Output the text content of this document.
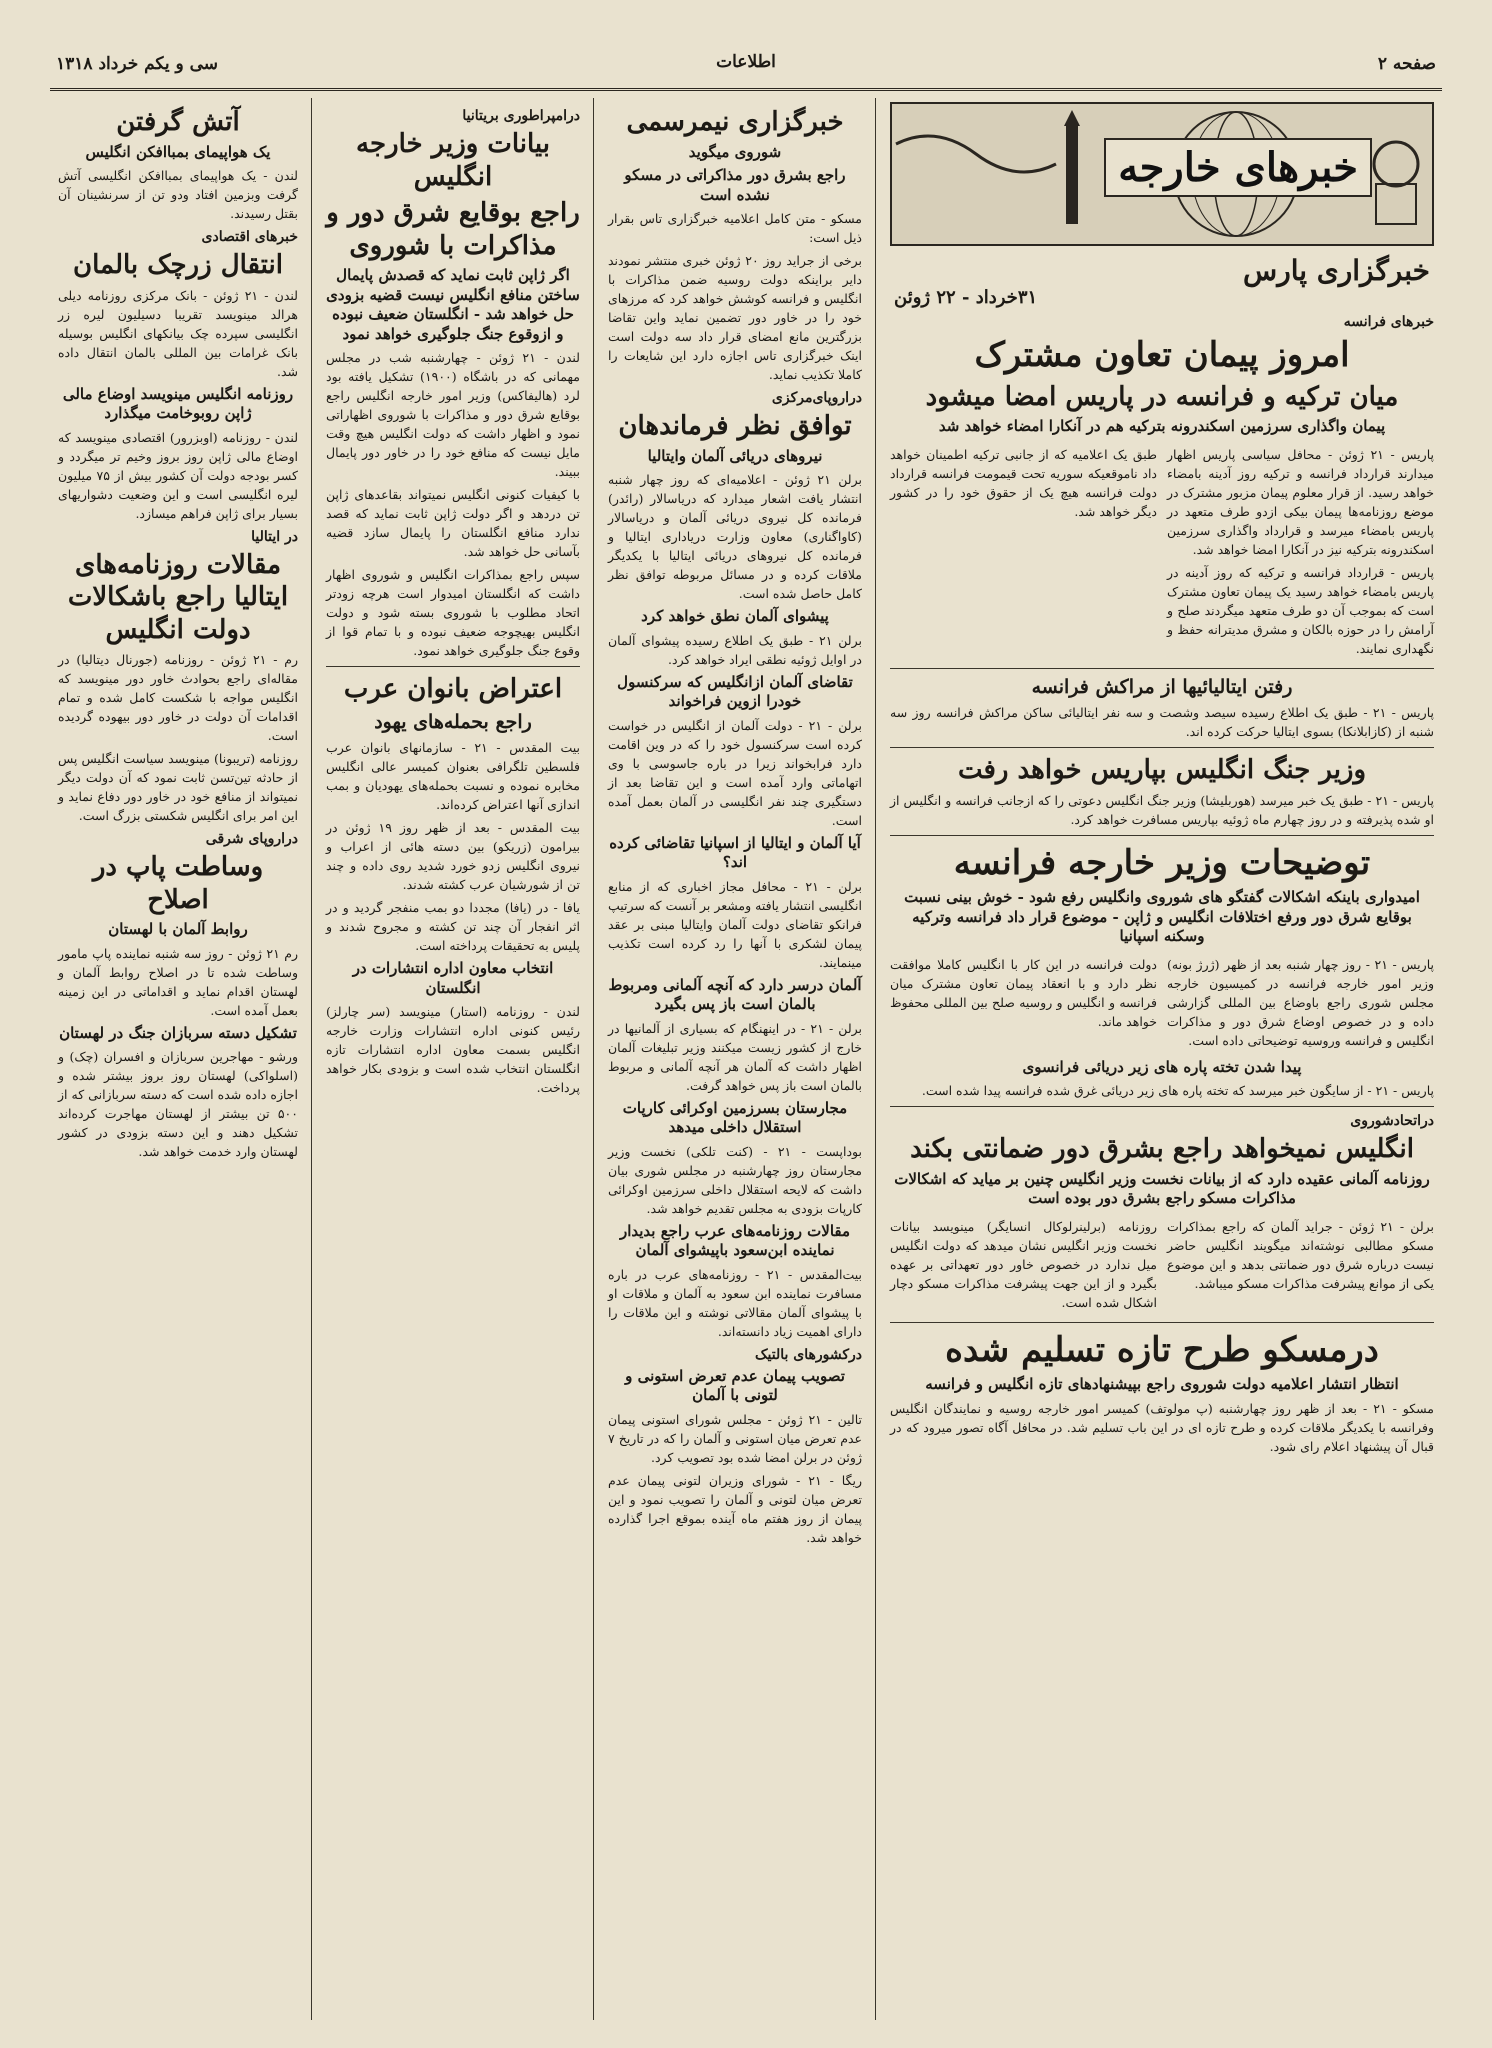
صفحه ۲
اطلاعات
سی و یکم خرداد ۱۳۱۸
خبرهای خارجه
خبرگزاری پارس
۳۱خرداد - ۲۲ ژوئن
خبرهای فرانسه
امروز پیمان تعاون مشترک
میان ترکیه و فرانسه در پاریس امضا میشود
پیمان واگذاری سرزمین اسکندرونه بترکیه هم در آنکارا امضاء خواهد شد

پاریس - ۲۱ ژوئن - محافل سیاسی پاریس اظهار میدارند قرارداد فرانسه و ترکیه روز آدینه بامضاء خواهد رسید. از قرار معلوم پیمان مزبور مشترک در موضع روزنامه‌ها پیمان بیکی ازدو طرف متعهد در پاریس بامضاء میرسد و قرارداد واگذاری سرزمین اسکندرونه بترکیه نیز در آنکارا امضا خواهد شد.

پاریس - قرارداد فرانسه و ترکیه که روز آدینه در پاریس بامضاء خواهد رسید یک پیمان تعاون مشترک است که بموجب آن دو طرف متعهد میگردند صلح و آرامش را در حوزه بالکان و مشرق مدیترانه حفظ و نگهداری نمایند.

طبق یک اعلامیه که از جانبی ترکیه اطمینان خواهد داد ناموقعیکه سوریه تحت قیمومت فرانسه قرارداد دولت فرانسه هیچ یک از حقوق خود را در کشور دیگر خواهد شد.

رفتن ایتالیائیها از مراکش فرانسه

پاریس - ۲۱ - طبق یک اطلاع رسیده سیصد وشصت و سه نفر ایتالیائی ساکن مراکش فرانسه روز سه شنبه از (کازابلانکا) بسوی ایتالیا حرکت کرده اند.

وزیر جنگ انگلیس بپاریس خواهد رفت

پاریس - ۲۱ - طبق یک خبر میرسد (هوربلیشا) وزیر جنگ انگلیس دعوتی را که ازجانب فرانسه و انگلیس از او شده پذیرفته و در روز چهارم ماه ژوئیه بپاریس مسافرت خواهد کرد.

توضیحات وزیر خارجه فرانسه
امیدواری باینکه اشکالات گفتگو های شوروی وانگلیس رفع شود - خوش بینی نسبت بوقایع شرق دور ورفع اختلافات انگلیس و ژاپن - موضوع قرار داد فرانسه وترکیه وسکنه اسپانیا

پاریس - ۲۱ - روز چهار شنبه بعد از ظهر (ژرژ بونه) وزیر امور خارجه فرانسه در کمیسیون خارجه مجلس شوری راجع باوضاع بین المللی گزارشی داده و در خصوص اوضاع شرق دور و مذاکرات انگلیس و فرانسه وروسیه توضیحاتی داده است.

دولت فرانسه در این کار با انگلیس کاملا موافقت نظر دارد و با انعقاد پیمان تعاون مشترک میان فرانسه و انگلیس و روسیه صلح بین المللی محفوظ خواهد ماند.

پیدا شدن تخته پاره های زیر دریائی فرانسوی

پاریس - ۲۱ - از سایگون خبر میرسد که تخته پاره های زیر دریائی غرق شده فرانسه پیدا شده است.

دراتحادشوروی
انگلیس نمیخواهد راجع بشرق دور ضمانتی بکند
روزنامه آلمانی عقیده دارد که از بیانات نخست وزیر انگلیس چنین بر میاید که اشکالات مذاکرات مسکو راجع بشرق دور بوده است

برلن - ۲۱ ژوئن - جراید آلمان که راجع بمذاکرات مسکو مطالبی نوشته‌اند میگویند انگلیس حاضر نیست درباره شرق دور ضمانتی بدهد و این موضوع یکی از موانع پیشرفت مذاکرات مسکو میباشد.

روزنامه (برلینرلوکال انسایگر) مینویسد بیانات نخست وزیر انگلیس نشان میدهد که دولت انگلیس میل ندارد در خصوص خاور دور تعهداتی بر عهده بگیرد و از این جهت پیشرفت مذاکرات مسکو دچار اشکال شده است.

درمسکو طرح تازه تسلیم شده
انتظار انتشار اعلامیه دولت شوروی راجع بپیشنهادهای تازه انگلیس و فرانسه

مسکو - ۲۱ - بعد از ظهر روز چهارشنبه (پ مولوتف) کمیسر امور خارجه روسیه و نمایندگان انگلیس وفرانسه با یکدیگر ملاقات کرده و طرح تازه ای در این باب تسلیم شد. در محافل آگاه تصور میرود که در قبال آن پیشنهاد اعلام رای شود.

خبرگزاری نیمرسمی
شوروی میگوید
راجع بشرق دور مذاکراتی در مسکو نشده است

مسکو - متن کامل اعلامیه خبرگزاری تاس بقرار ذیل است:

برخی از جراید روز ۲۰ ژوئن خبری منتشر نمودند دایر براینکه دولت روسیه ضمن مذاکرات با انگلیس و فرانسه کوشش خواهد کرد که مرزهای خود را در خاور دور تضمین نماید واین تقاضا بزرگترین مانع امضای قرار داد سه دولت است اینک خبرگزاری تاس اجازه دارد این شایعات را کاملا تکذیب نماید.

دراروپای‌مرکزی
توافق نظر فرماندهان
نیروهای دریائی آلمان وایتالیا

برلن ۲۱ ژوئن - اعلامیه‌ای که روز چهار شنبه انتشار یافت اشعار میدارد که دریاسالار (رائدر) فرمانده کل نیروی دریائی آلمان و دریاسالار (کاواگناری) معاون وزارت دریاداری ایتالیا و فرمانده کل نیروهای دریائی ایتالیا با یکدیگر ملاقات کرده و در مسائل مربوطه توافق نظر کامل حاصل شده است.

پیشوای آلمان نطق خواهد کرد

برلن ۲۱ - طبق یک اطلاع رسیده پیشوای آلمان در اوایل ژوئیه نطقی ایراد خواهد کرد.

تقاضای آلمان ازانگلیس که سرکنسول خودرا ازوین فراخواند

برلن - ۲۱ - دولت آلمان از انگلیس در خواست کرده است سرکنسول خود را که در وین اقامت دارد فرابخواند زیرا در باره جاسوسی با وی اتهاماتی وارد آمده است و این تقاضا بعد از دستگیری چند نفر انگلیسی در آلمان بعمل آمده است.

آیا آلمان و ایتالیا از اسپانیا تقاضائی کرده اند؟

برلن - ۲۱ - محافل مجاز اخباری که از منابع انگلیسی انتشار یافته ومشعر بر آنست که سرتیپ فرانکو تقاضای دولت آلمان وایتالیا مبنی بر عقد پیمان لشکری با آنها را رد کرده است تکذیب مینمایند.

آلمان درسر دارد که آنچه آلمانی ومربوط بالمان است باز پس بگیرد

برلن - ۲۱ - در اینهنگام که بسیاری از آلمانیها در خارج از کشور زیست میکنند وزیر تبلیغات آلمان اظهار داشت که آلمان هر آنچه آلمانی و مربوط بالمان است باز پس خواهد گرفت.

مجارستان بسرزمین اوکرائی کارپات استقلال داخلی میدهد

بوداپست - ۲۱ - (کنت تلکی) نخست وزیر مجارستان روز چهارشنبه در مجلس شوری بیان داشت که لایحه استقلال داخلی سرزمین اوکرائی کارپات بزودی به مجلس تقدیم خواهد شد.

مقالات روزنامه‌های عرب راجع بدیدار نماینده ابن‌سعود باپیشوای آلمان

بیت‌المقدس - ۲۱ - روزنامه‌های عرب در باره مسافرت نماینده ابن سعود به آلمان و ملاقات او با پیشوای آلمان مقالاتی نوشته و این ملاقات را دارای اهمیت زیاد دانسته‌اند.

درکشورهای بالتیک
تصویب پیمان عدم تعرض استونی و لتونی با آلمان

تالین - ۲۱ ژوئن - مجلس شورای استونی پیمان عدم تعرض میان استونی و آلمان را که در تاریخ ۷ ژوئن در برلن امضا شده بود تصویب کرد.

ریگا - ۲۱ - شورای وزیران لتونی پیمان عدم تعرض میان لتونی و آلمان را تصویب نمود و این پیمان از روز هفتم ماه آینده بموقع اجرا گذارده خواهد شد.

درامپراطوری بریتانیا
بیانات وزیر خارجه انگلیس
راجع بوقایع شرق دور و مذاکرات با شوروی
اگر ژاپن ثابت نماید که قصدش پایمال ساختن منافع انگلیس نیست قضیه بزودی حل خواهد شد - انگلستان ضعیف نبوده و ازوقوع جنگ جلوگیری خواهد نمود

لندن - ۲۱ ژوئن - چهارشنبه شب در مجلس مهمانی که در باشگاه (۱۹۰۰) تشکیل یافته بود لرد (هالیفاکس) وزیر امور خارجه انگلیس راجع بوقایع شرق دور و مذاکرات با شوروی اظهاراتی نمود و اظهار داشت که دولت انگلیس هیچ وقت مایل نیست که منافع خود را در خاور دور پایمال ببیند.

با کیفیات کنونی انگلیس نمیتواند بقاعدهای ژاپن تن دردهد و اگر دولت ژاپن ثابت نماید که قصد ندارد منافع انگلستان را پایمال سازد قضیه بآسانی حل خواهد شد.

سپس راجع بمذاکرات انگلیس و شوروی اظهار داشت که انگلستان امیدوار است هرچه زودتر اتحاد مطلوب با شوروی بسته شود و دولت انگلیس بهیچوجه ضعیف نبوده و با تمام قوا از وقوع جنگ جلوگیری خواهد نمود.

اعتراض بانوان عرب
راجع بحمله‌های یهود

بیت المقدس - ۲۱ - سازمانهای بانوان عرب فلسطین تلگرافی بعنوان کمیسر عالی انگلیس مخابره نموده و نسبت بحمله‌های یهودیان و بمب اندازی آنها اعتراض کرده‌اند.

بیت المقدس - بعد از ظهر روز ۱۹ ژوئن در بیرامون (زریکو) بین دسته هائی از اعراب و نیروی انگلیس زدو خورد شدید روی داده و چند تن از شورشیان عرب کشته شدند.

یافا - در (یافا) مجددا دو بمب منفجر گردید و در اثر انفجار آن چند تن کشته و مجروح شدند و پلیس به تحقیقات پرداخته است.

انتخاب معاون اداره انتشارات در انگلستان

لندن - روزنامه (استار) مینویسد (سر چارلز) رئیس کنونی اداره انتشارات وزارت خارجه انگلیس بسمت معاون اداره انتشارات تازه انگلستان انتخاب شده است و بزودی بکار خواهد پرداخت.

آتش گرفتن
یک هواپیمای بمباافکن انگلیس

لندن - یک هواپیمای بمباافکن انگلیسی آتش گرفت وبزمین افتاد ودو تن از سرنشینان آن بقتل رسیدند.

خبرهای اقتصادی
انتقال زرچک بالمان

لندن - ۲۱ ژوئن - بانک مرکزی روزنامه دیلی هرالد مینویسد تقریبا دسیلیون لیره زر انگلیسی سپرده چک بیانکهای انگلیس بوسیله بانک غرامات بین المللی بالمان انتقال داده شد.

روزنامه انگلیس مینویسد اوضاع مالی ژاپن روبوخامت میگذارد

لندن - روزنامه (اوبزرور) اقتصادی مینویسد که اوضاع مالی ژاپن روز بروز وخیم تر میگردد و کسر بودجه دولت آن کشور بیش از ۷۵ میلیون لیره انگلیسی است و این وضعیت دشواریهای بسیار برای ژاپن فراهم میسازد.

در ایتالیا
مقالات روزنامه‌های ایتالیا راجع باشکالات دولت انگلیس

رم - ۲۱ ژوئن - روزنامه (جورنال دیتالیا) در مقاله‌ای راجع بحوادث خاور دور مینویسد که انگلیس مواجه با شکست کامل شده و تمام اقدامات آن دولت در خاور دور بیهوده گردیده است.

روزنامه (تریبونا) مینویسد سیاست انگلیس پس از حادثه تین‌تسن ثابت نمود که آن دولت دیگر نمیتواند از منافع خود در خاور دور دفاع نماید و این امر برای انگلیس شکستی بزرگ است.

دراروپای شرقی
وساطت پاپ در اصلاح
روابط آلمان با لهستان

رم ۲۱ ژوئن - روز سه شنبه نماینده پاپ مامور وساطت شده تا در اصلاح روابط آلمان و لهستان اقدام نماید و اقداماتی در این زمینه بعمل آمده است.

تشکیل دسته سربازان جنگ در لهستان

ورشو - مهاجرین سربازان و افسران (چک) و (اسلواکی) لهستان روز بروز بیشتر شده و اجازه داده شده است که دسته سربازانی که از ۵۰۰ تن بیشتر از لهستان مهاجرت کرده‌اند تشکیل دهند و این دسته بزودی در کشور لهستان وارد خدمت خواهد شد.
